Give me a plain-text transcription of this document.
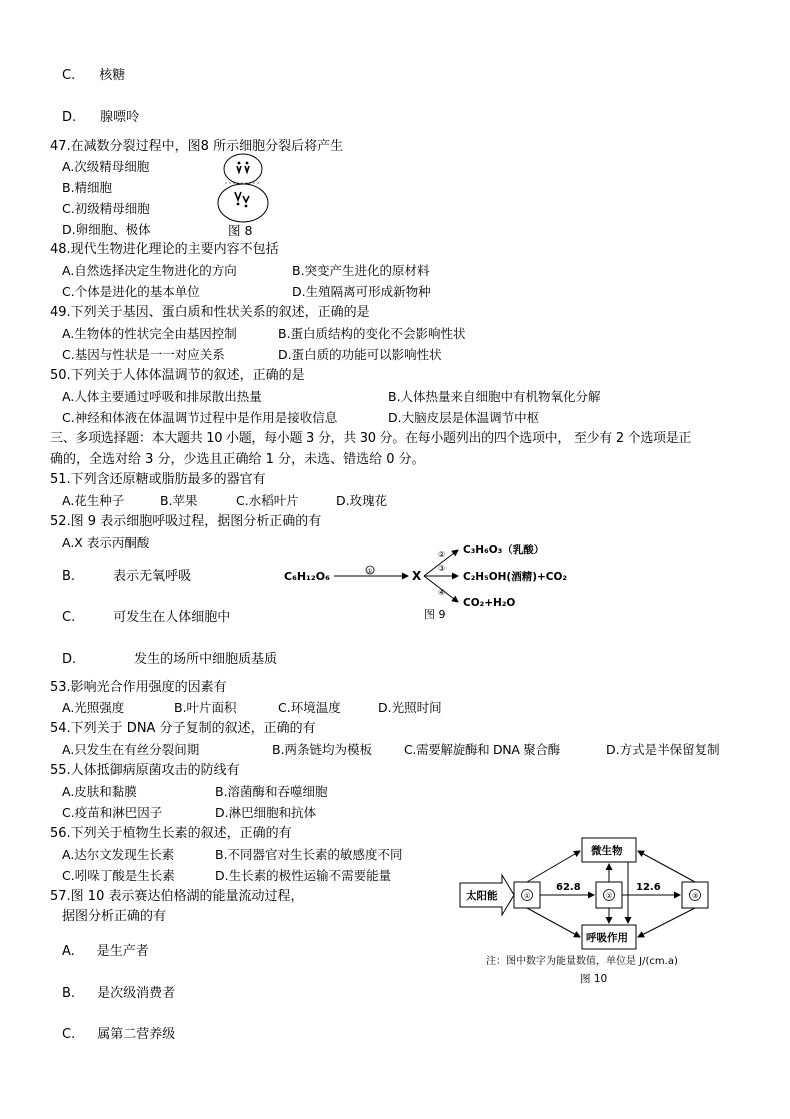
C. 核糖
D. 腺嘌呤
47.在减数分裂过程中，图8 所示细胞分裂后将产生
A.次级精母细胞
B.精细胞
C.初级精母细胞
D.卵细胞、极体	图 8
48.现代生物进化理论的主要内容不包括
A.自然选择决定生物进化的方向	B.突变产生进化的原材料
C.个体是进化的基本单位	D.生殖隔离可形成新物种
49.下列关于基因、蛋白质和性状关系的叙述，正确的是
A.生物体的性状完全由基因控制	B.蛋白质结构的变化不会影响性状
C.基因与性状是一一对应关系	D.蛋白质的功能可以影响性状
50.下列关于人体体温调节的叙述，正确的是
A.人体主要通过呼吸和排尿散出热量	B.人体热量来自细胞中有机物氧化分解
C.神经和体液在体温调节过程中是作用是接收信息	D.大脑皮层是体温调节中枢
三、多项选择题：本大题共 10 小题，每小题 3 分，共 30 分。在每小题列出的四个选项中， 至少有 2 个选项是正
确的，全选对给 3 分，少选且正确给 1 分，未选、错选给 0 分。
51.下列含还原糖或脂肪最多的器官有
A.花生种子	B.苹果	C.水稻叶片	D.玫瑰花
52.图 9 表示细胞呼吸过程，据图分析正确的有
A.X 表示丙酮酸
B.	表示无氧呼吸
C.	可发生在人体细胞中
D.	发生的场所中细胞质基质
C₆H₁₂O₆	①	X
②
③
④
C₃H₆O₃（乳酸）
C₂H₅OH(酒精)+CO₂
CO₂+H₂O
图 9
53.影响光合作用强度的因素有
A.光照强度	B.叶片面积	C.环境温度	D.光照时间
54.下列关于 DNA 分子复制的叙述，正确的有
A.只发生在有丝分裂间期	B.两条链均为模板	C.需要解旋酶和 DNA 聚合酶	D.方式是半保留复制
55.人体抵御病原菌攻击的防线有
A.皮肤和黏膜	B.溶菌酶和吞噬细胞
C.疫苗和淋巴因子	D.淋巴细胞和抗体
56.下列关于植物生长素的叙述，正确的有
A.达尔文发现生长素	B.不同器官对生长素的敏感度不同
C.吲哚丁酸是生长素	D.生长素的极性运输不需要能量
57.图 10 表示赛达伯格湖的能量流动过程，
据图分析正确的有
A. 是生产者
B. 是次级消费者
C. 属第二营养级
太阳能
微生物
呼吸作用
①	②	③
62.8	12.6
注：图中数字为能量数值，单位是 J/(cm.a)
图 10
